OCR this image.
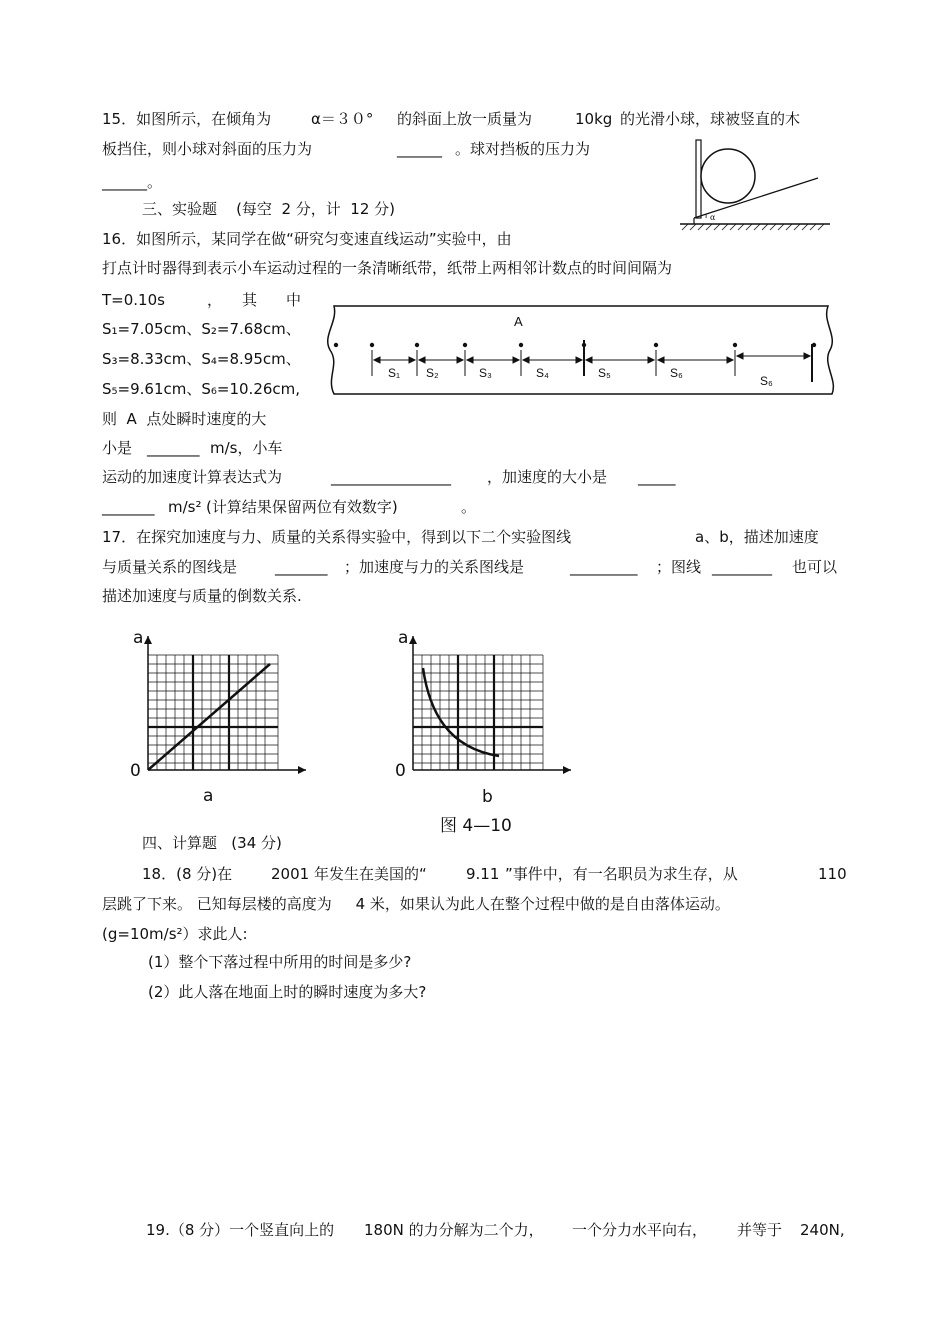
15．如图所示，在倾角为	α＝３０° 的斜面上放一质量为	10kg 的光滑小球，球被竖直的木
板挡住，则小球对斜面的压力为	______ 。球对挡板的压力为
______。
α
三、实验题    (每空  2 分，计  12 分)
16．如图所示，某同学在做“研究匀变速直线运动”实验中，由
打点计时器得到表示小车运动过程的一条清晰纸带，纸带上两相邻计数点的时间间隔为
T=0.10s	， 其 中
S₁=7.05cm、S₂=7.68cm、
S₃=8.33cm、S₄=8.95cm、
S₅=9.61cm、S₆=10.26cm,
则  A  点处瞬时速度的大
小是 _______ m/s，小车
运动的加速度计算表达式为	________________ ，加速度的大小是 _____
_______ m/s² (计算结果保留两位有效数字)	。
A
S₁ S₂	S₃	S₄	S₅	S₆
S₆
17．在探究加速度与力、质量的关系得实验中，得到以下二个实验图线	a、b，描述加速度
与质量关系的图线是	_______ ；加速度与力的关系图线是	_________ ；图线 ________ 也可以
描述加速度与质量的倒数关系.
a
0
a
a
0
b
图 4—10
四、计算题   (34 分)
18．(8 分)在	2001 年发生在美国的“	9.11 ”事件中，有一名职员为求生存，从	110
层跳了下来。 已知每层楼的高度为     4 米，如果认为此人在整个过程中做的是自由落体运动。
(g=10m/s²）求此人:
(1）整个下落过程中所用的时间是多少?
(2）此人落在地面上时的瞬时速度为多大?
19.（8 分）一个竖直向上的 180N 的力分解为二个力， 一个分力水平向右， 并等于 240N,
